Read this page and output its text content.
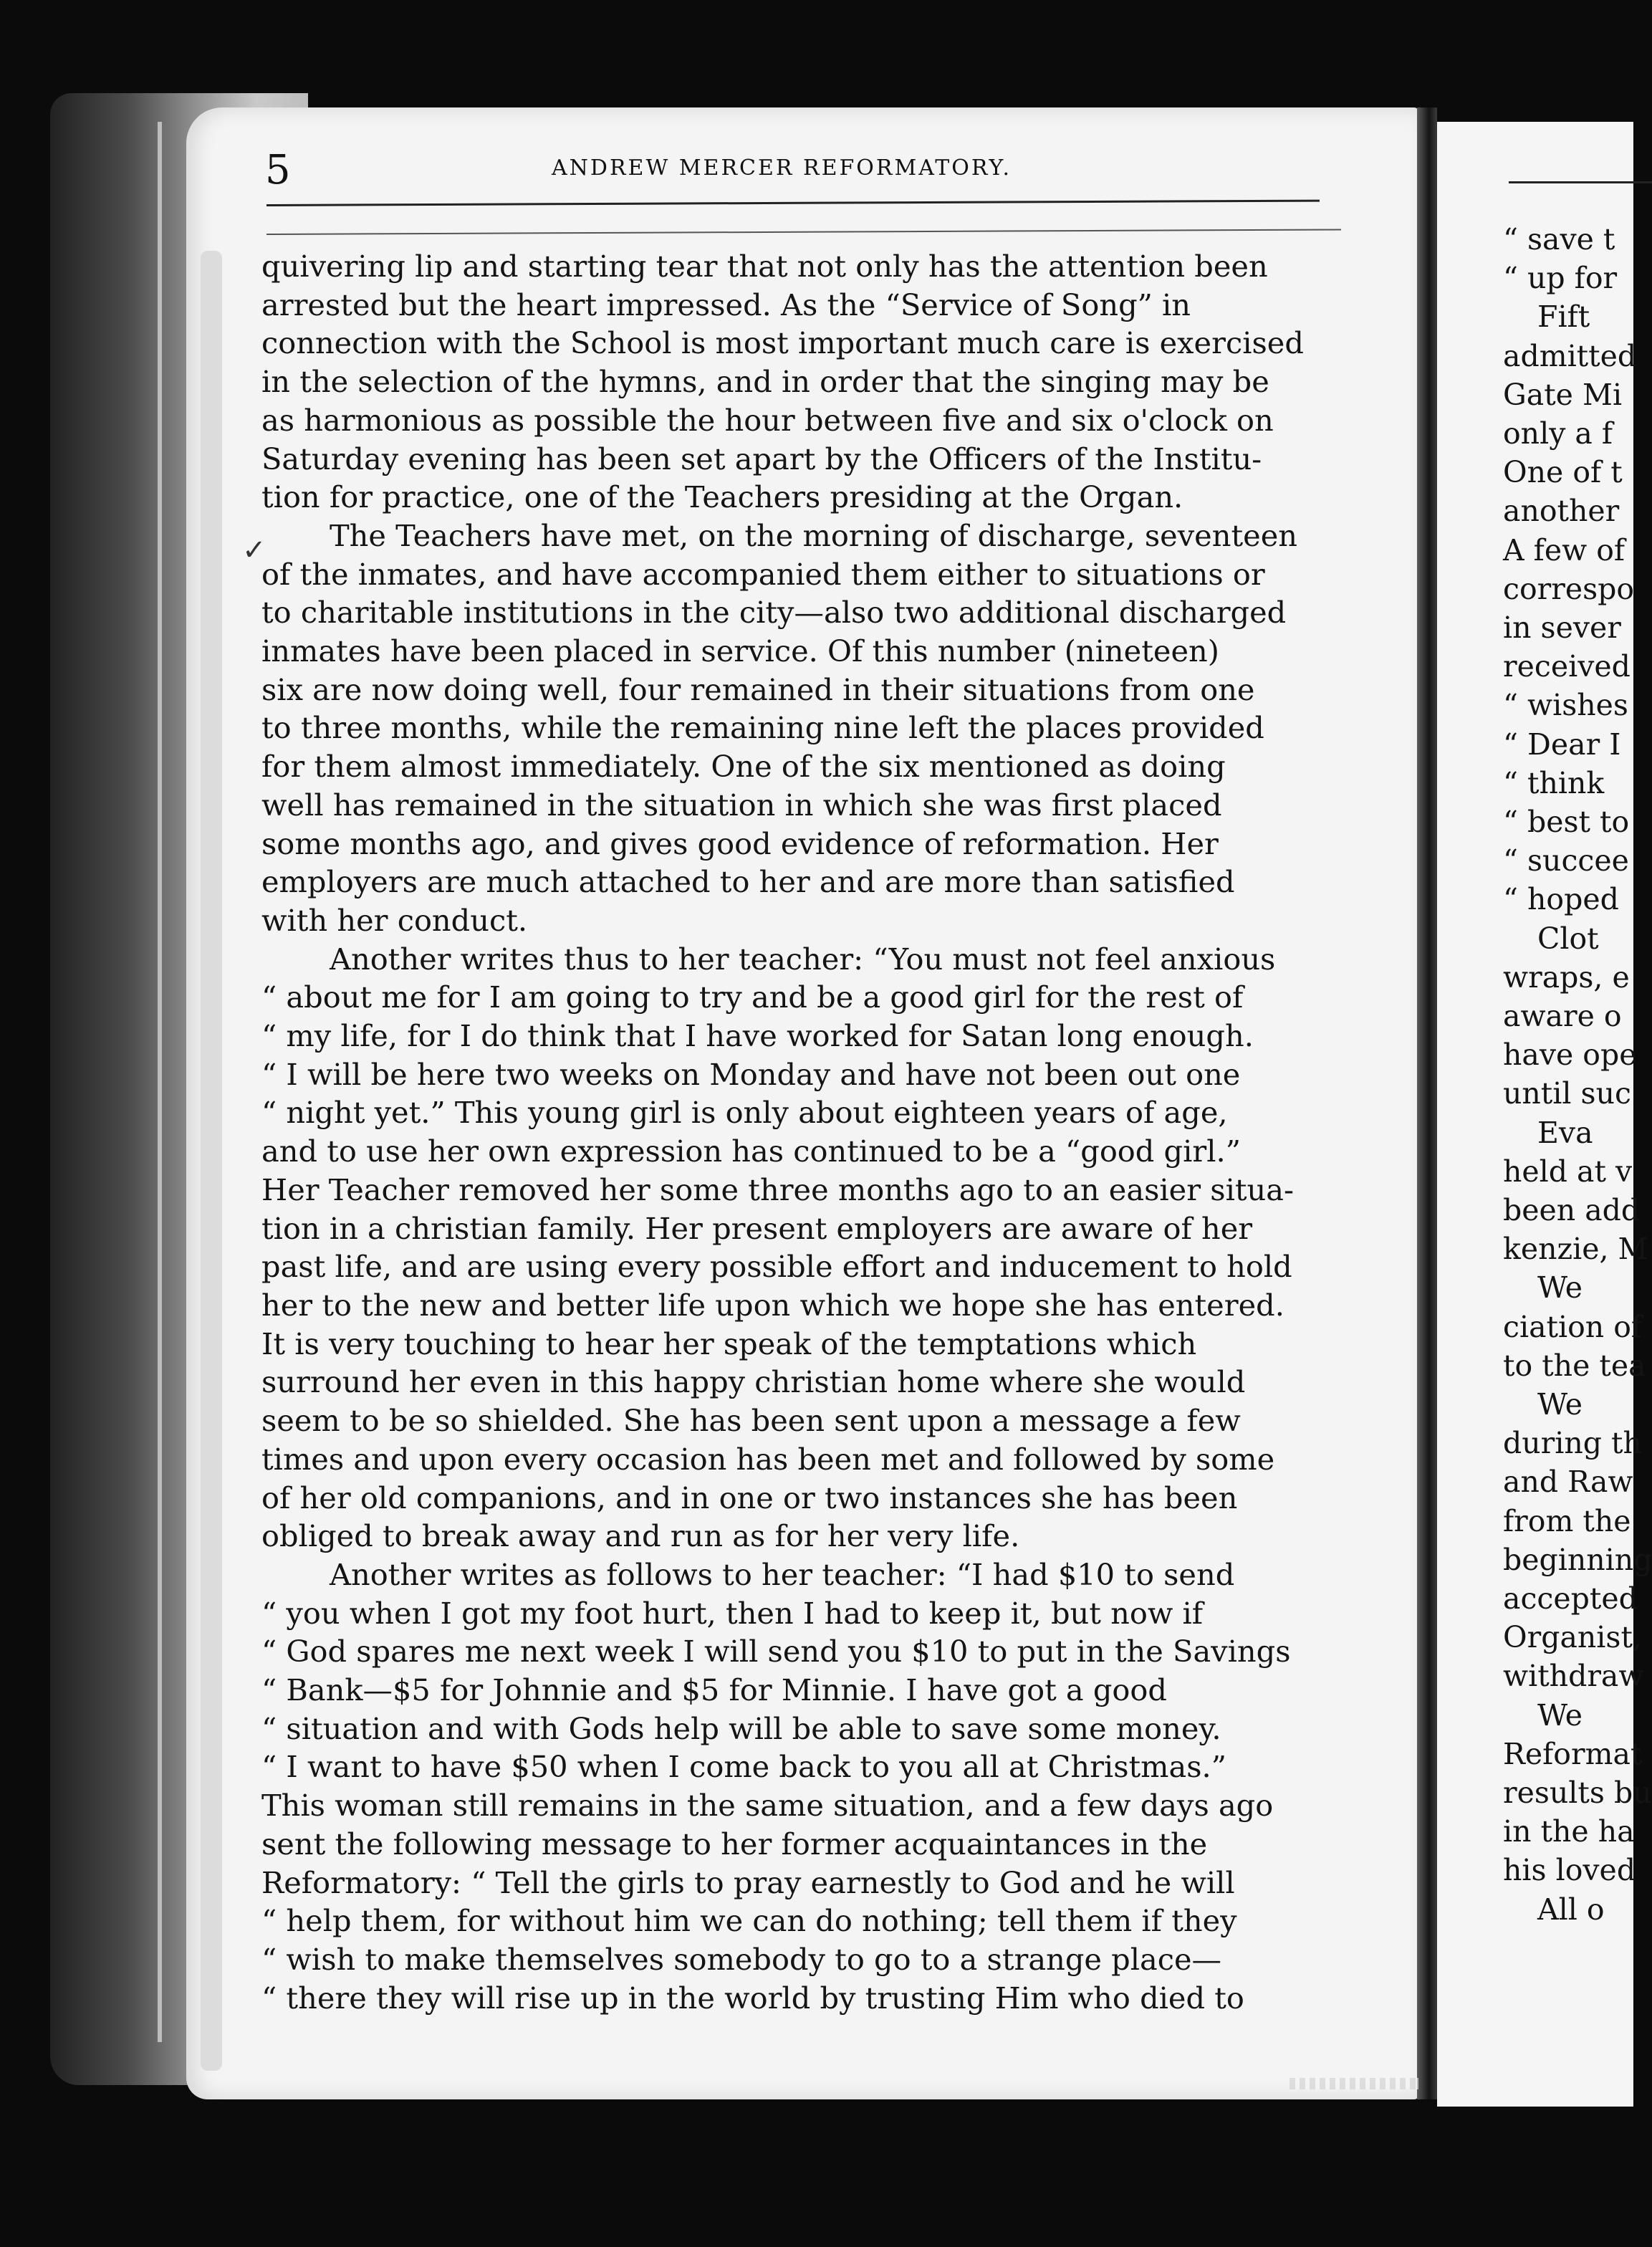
5	ANDREW MERCER REFORMATORY.
quivering lip and starting tear that not only has the attention been
arrested but the heart impressed. As the “Service of Song” in
connection with the School is most important much care is exercised
in the selection of the hymns, and in order that the singing may be
as harmonious as possible the hour between five and six o'clock on
Saturday evening has been set apart by the Officers of the Institu-
tion for practice, one of the Teachers presiding at the Organ.
The Teachers have met, on the morning of discharge, seventeen
of the inmates, and have accompanied them either to situations or
to charitable institutions in the city—also two additional discharged
inmates have been placed in service. Of this number (nineteen)
six are now doing well, four remained in their situations from one
to three months, while the remaining nine left the places provided
for them almost immediately. One of the six mentioned as doing
well has remained in the situation in which she was first placed
some months ago, and gives good evidence of reformation. Her
employers are much attached to her and are more than satisfied
with her conduct.
Another writes thus to her teacher: “You must not feel anxious
“ about me for I am going to try and be a good girl for the rest of
“ my life, for I do think that I have worked for Satan long enough.
“ I will be here two weeks on Monday and have not been out one
“ night yet.” This young girl is only about eighteen years of age,
and to use her own expression has continued to be a “good girl.”
Her Teacher removed her some three months ago to an easier situa-
tion in a christian family. Her present employers are aware of her
past life, and are using every possible effort and inducement to hold
her to the new and better life upon which we hope she has entered.
It is very touching to hear her speak of the temptations which
surround her even in this happy christian home where she would
seem to be so shielded. She has been sent upon a message a few
times and upon every occasion has been met and followed by some
of her old companions, and in one or two instances she has been
obliged to break away and run as for her very life.
Another writes as follows to her teacher: “I had $10 to send
“ you when I got my foot hurt, then I had to keep it, but now if
“ God spares me next week I will send you $10 to put in the Savings
“ Bank—$5 for Johnnie and $5 for Minnie. I have got a good
“ situation and with Gods help will be able to save some money.
“ I want to have $50 when I come back to you all at Christmas.”
This woman still remains in the same situation, and a few days ago
sent the following message to her former acquaintances in the
Reformatory: “ Tell the girls to pray earnestly to God and he will
“ help them, for without him we can do nothing; tell them if they
“ wish to make themselves somebody to go to a strange place—
“ there they will rise up in the world by trusting Him who died to
✓
“ save t
“ up for
Fift
admitted
Gate Mi
only a f
One of t
another
A few of
correspo
in sever
received
“ wishes
“ Dear I
“ think
“ best to
“ succee
“ hoped
Clot
wraps, e
aware o
have ope
until suc
Eva
held at v
been add
kenzie, M
We
ciation of
to the tea
We
during th
and Raw
from the
beginning
accepted
Organist,
withdraw
We
Reformat
results bu
in the ha
his loved
All o
